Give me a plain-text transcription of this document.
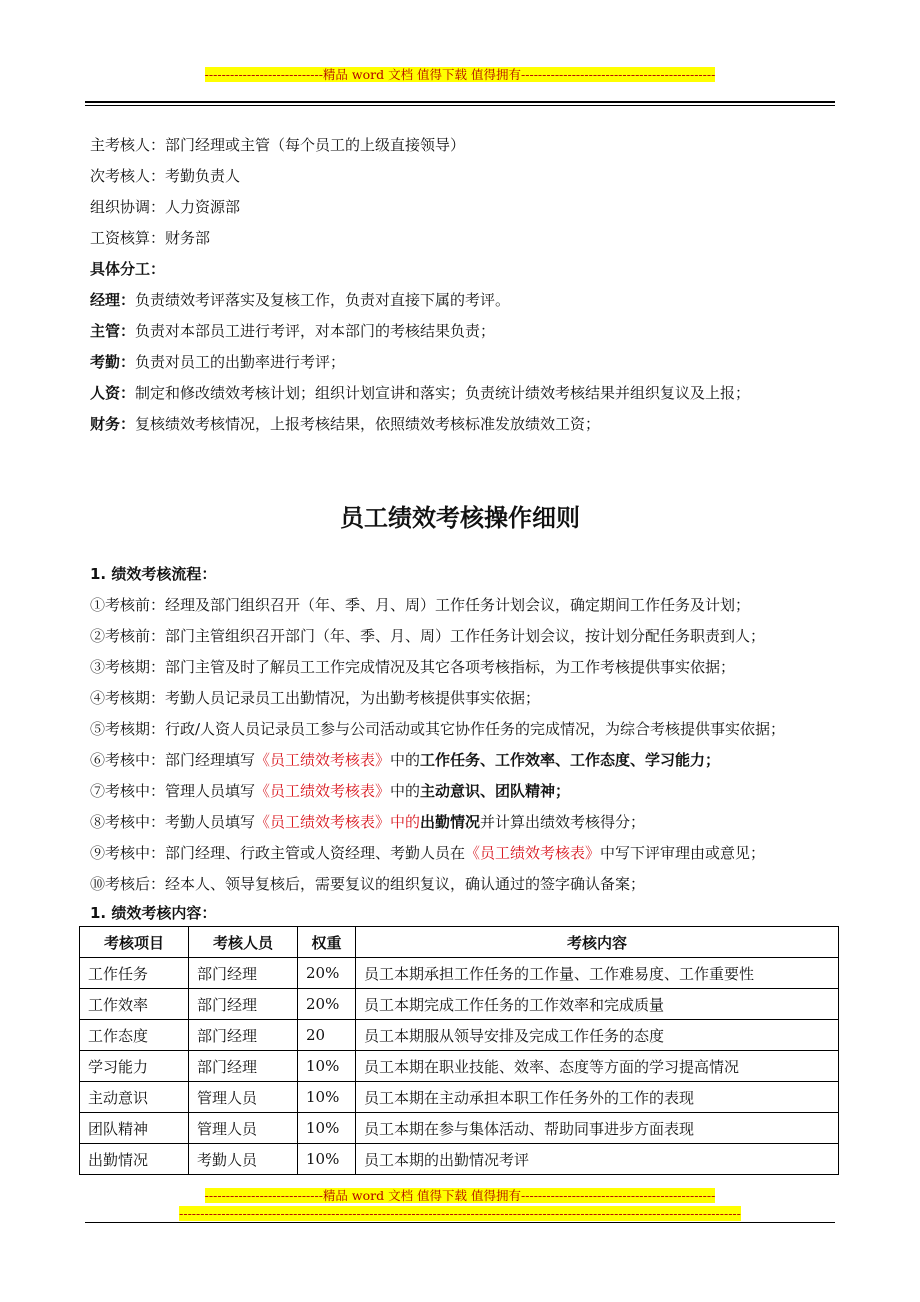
----------------------------精品 word 文档 值得下载 值得拥有----------------------------------------------
主考核人：部门经理或主管（每个员工的上级直接领导）
次考核人：考勤负责人
组织协调：人力资源部
工资核算：财务部
具体分工：
经理：负责绩效考评落实及复核工作，负责对直接下属的考评。
主管：负责对本部员工进行考评，对本部门的考核结果负责；
考勤：负责对员工的出勤率进行考评；
人资：制定和修改绩效考核计划；组织计划宣讲和落实；负责统计绩效考核结果并组织复议及上报；
财务：复核绩效考核情况，上报考核结果，依照绩效考核标准发放绩效工资；
员工绩效考核操作细则
1. 绩效考核流程：
①考核前：经理及部门组织召开（年、季、月、周）工作任务计划会议，确定期间工作任务及计划；
②考核前：部门主管组织召开部门（年、季、月、周）工作任务计划会议，按计划分配任务职责到人；
③考核期：部门主管及时了解员工工作完成情况及其它各项考核指标，为工作考核提供事实依据；
④考核期：考勤人员记录员工出勤情况，为出勤考核提供事实依据；
⑤考核期：行政/人资人员记录员工参与公司活动或其它协作任务的完成情况，为综合考核提供事实依据；
⑥考核中：部门经理填写《员工绩效考核表》中的工作任务、工作效率、工作态度、学习能力；
⑦考核中：管理人员填写《员工绩效考核表》中的主动意识、团队精神；
⑧考核中：考勤人员填写《员工绩效考核表》中的出勤情况并计算出绩效考核得分；
⑨考核中：部门经理、行政主管或人资经理、考勤人员在《员工绩效考核表》中写下评审理由或意见；
⑩考核后：经本人、领导复核后，需要复议的组织复议，确认通过的签字确认备案；
1. 绩效考核内容：
考核项目	考核人员	权重	考核内容
工作任务	部门经理	20%	员工本期承担工作任务的工作量、工作难易度、工作重要性
工作效率	部门经理	20%	员工本期完成工作任务的工作效率和完成质量
工作态度	部门经理	20	员工本期服从领导安排及完成工作任务的态度
学习能力	部门经理	10%	员工本期在职业技能、效率、态度等方面的学习提高情况
主动意识	管理人员	10%	员工本期在主动承担本职工作任务外的工作的表现
团队精神	管理人员	10%	员工本期在参与集体活动、帮助同事进步方面表现
出勤情况	考勤人员	10%	员工本期的出勤情况考评
----------------------------精品 word 文档 值得下载 值得拥有----------------------------------------------
-------------------------------------------------------------------------------------------------------------------------------------
